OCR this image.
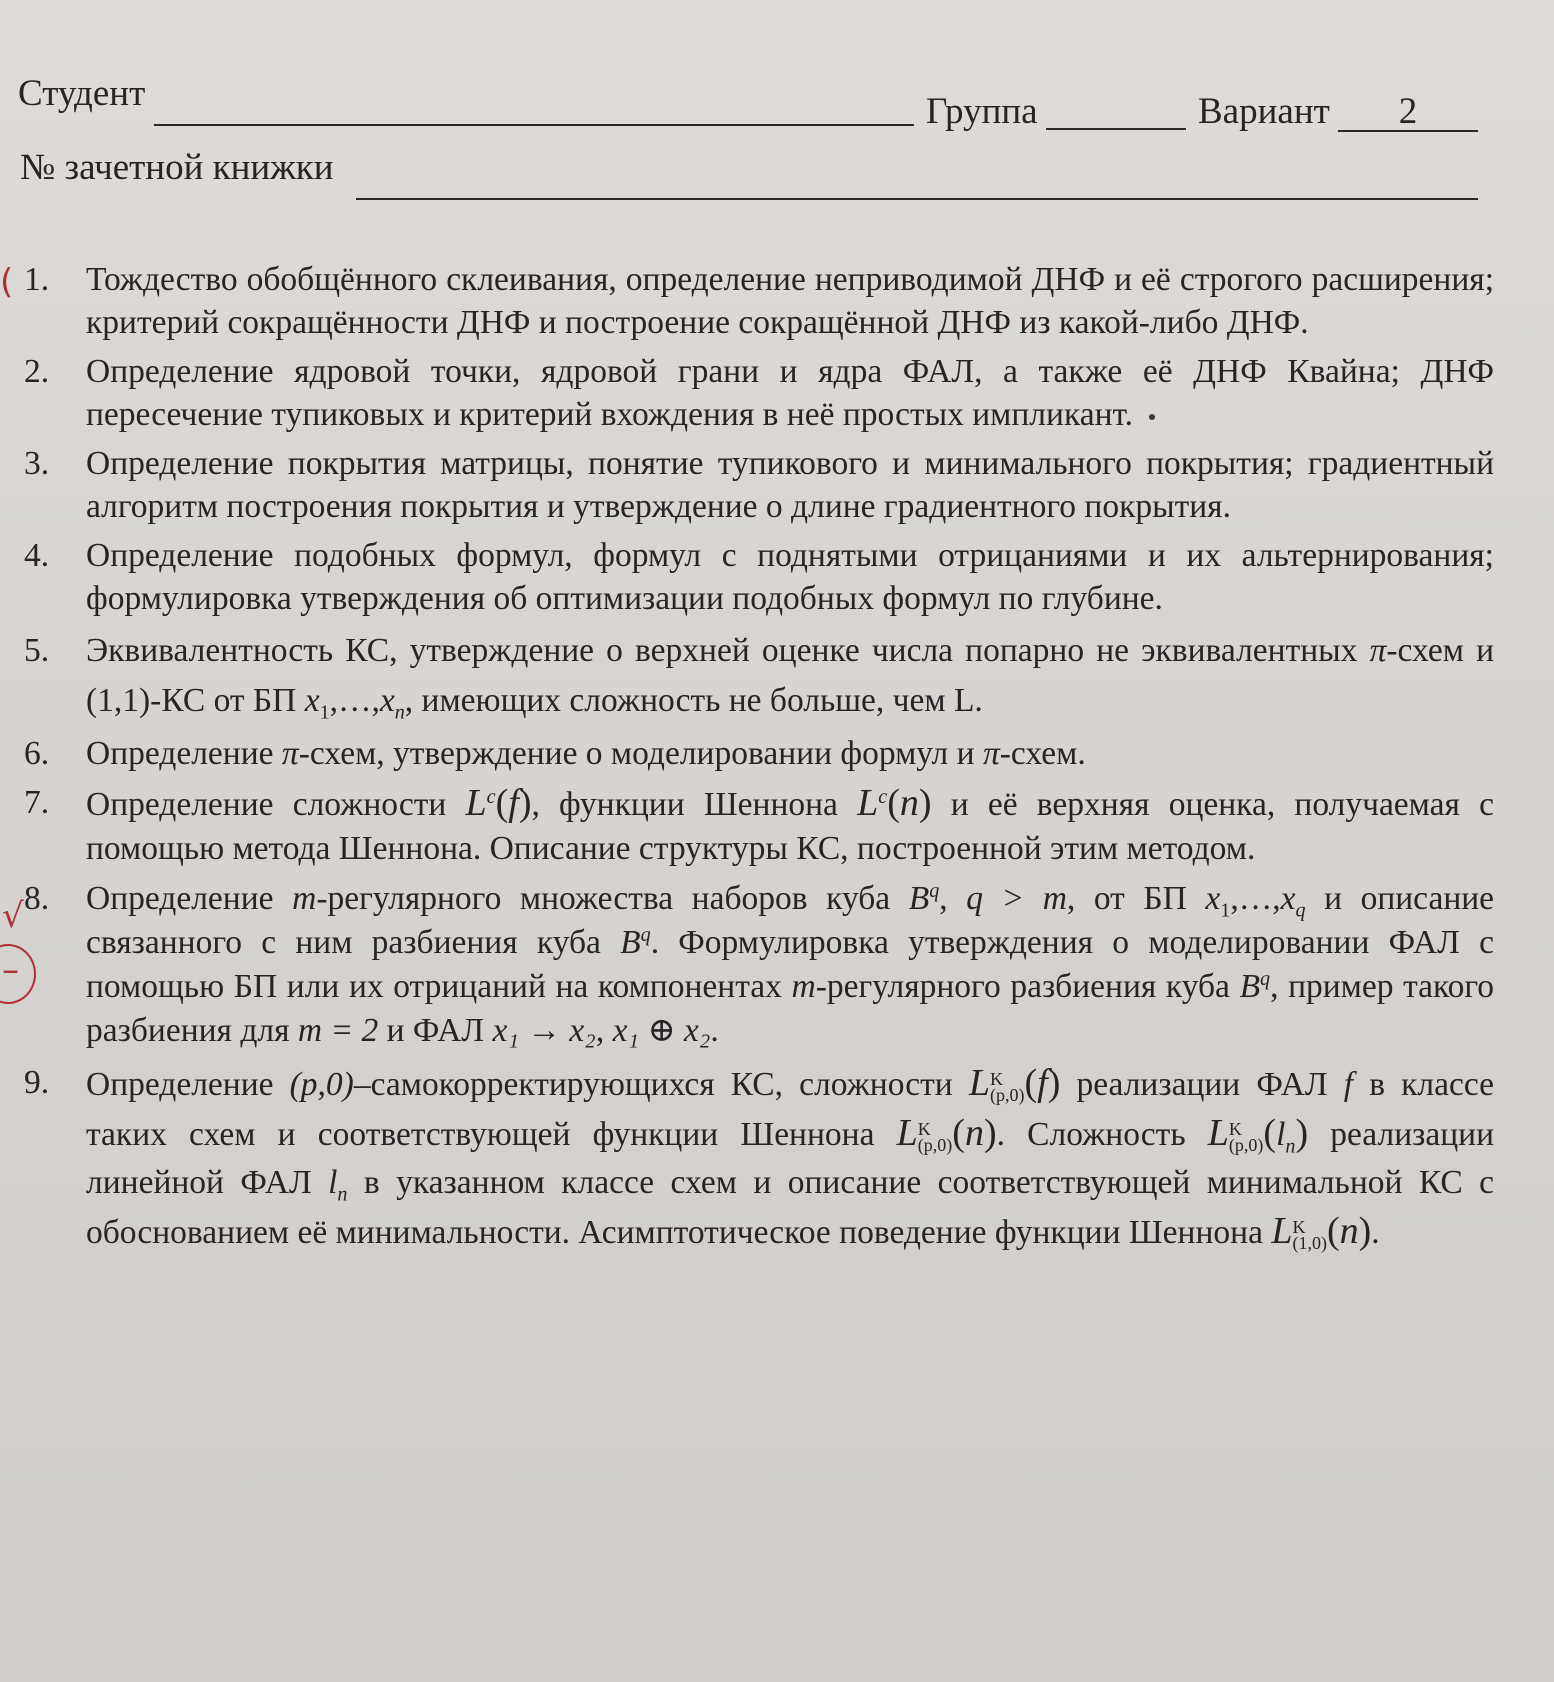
Студент	Группа	Вариант	2
№ зачетной книжки
(
√
–
1.	Тождество обобщённого склеивания, определение неприводимой ДНФ и её строгого расширения; критерий сокращённости ДНФ и построение сокращённой ДНФ из какой-либо ДНФ.
2.	Определение ядровой точки, ядровой грани и ядра ФАЛ, а также её ДНФ Квайна; ДНФ пересечение тупиковых и критерий вхождения в неё простых импликант.
3.	Определение покрытия матрицы, понятие тупикового и минимального покрытия; градиентный алгоритм построения покрытия и утверждение о длине градиентного покрытия.
4.	Определение подобных формул, формул с поднятыми отрицаниями и их альтернирования; формулировка утверждения об оптимизации подобных формул по глубине.
5.	Эквивалентность КС, утверждение о верхней оценке числа попарно не эквивалентных π-схем и (1,1)-КС от БП $x_1,\dots,x_n$, имеющих сложность не больше, чем L.
6.	Определение π-схем, утверждение о моделировании формул и π-схем.
7.	Определение сложности $L^c(f)$, функции Шеннона $L^c(n)$ и её верхняя оценка, получаемая с помощью метода Шеннона. Описание структуры КС, построенной этим методом.
8.	Определение m-регулярного множества наборов куба $B^q$, q > m, от БП $x_1,\dots,x_q$ и описание связанного с ним разбиения куба $B^q$. Формулировка утверждения о моделировании ФАЛ с помощью БП или их отрицаний на компонентах m-регулярного разбиения куба $B^q$, пример такого разбиения для m = 2 и ФАЛ x₁ → x₂, x₁ ⊕ x₂.
9.	Определение (p,0)–самокорректирующихся КС, сложности L K
(p,0) (f) реализации ФАЛ f в классе таких схем и соответствующей функции Шеннона L K
(p,0) (n). Сложность L K
(p,0) $(l_n)$ реализации линейной ФАЛ $l_n$ в указанном классе схем и описание соответствующей минимальной КС с обоснованием её минимальности. Асимптотическое поведение функции Шеннона L K
(1,0) (n).
